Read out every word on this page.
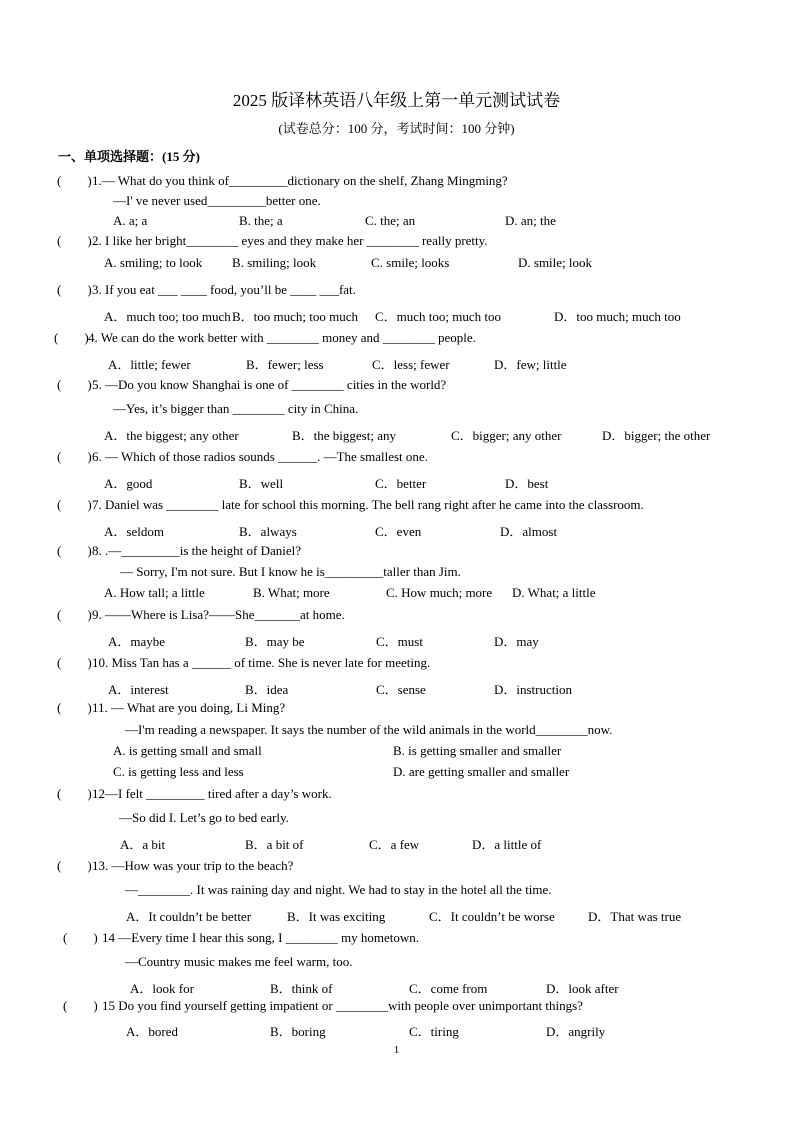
2025 版译林英语八年级上第一单元测试试卷
(试卷总分：100 分，考试时间：100 分钟)
一、单项选择题：(15 分)
(        ) 1.— What do you think of_________dictionary on the shelf, Zhang Mingming?
—I' ve never used_________better one.
A. a; a	B. the; a	C. the; an	D. an; the
(        ) 2. I like her bright________ eyes and they make her ________ really pretty.
A. smiling; to look B. smiling; look	C. smile; looks	D. smile; look
(        ) 3. If you eat ___ ____ food, you’ll be ____ ___fat.
A．much too; too much B．too much; too much C．much too; much too	D．too much; much too
(        ) 4. We can do the work better with ________ money and ________ people.
A．little; fewer	B．fewer; less	C．less; fewer	D．few; little
(        ) 5. —Do you know Shanghai is one of ________ cities in the world?
—Yes, it’s bigger than ________ city in China.
A．the biggest; any other	B．the biggest; any	C．bigger; any other	D．bigger; the other
(        ) 6. — Which of those radios sounds ______. —The smallest one.
A．good	B．well	C．better	D．best
(        ) 7. Daniel was ________ late for school this morning. The bell rang right after he came into the classroom.
A．seldom	B．always	C．even	D．almost
(        ) 8. .—_________is the height of Daniel?
— Sorry, I'm not sure. But I know he is_________taller than Jim.
A. How tall; a little	B. What; more	C. How much; more D. What; a little
(        ) 9. ——Where is Lisa?——She_______at home.
A．maybe	B．may be	C．must	D．may
(        ) 10. Miss Tan has a ______ of time. She is never late for meeting.
A．interest	B．idea	C．sense	D．instruction
(        ) 11. — What are you doing, Li Ming?
—I'm reading a newspaper. It says the number of the wild animals in the world________now.
A. is getting small and small	B. is getting smaller and smaller
C. is getting less and less	D. are getting smaller and smaller
(        ) 12—I felt _________ tired after a day’s work.
—So did I. Let’s go to bed early.
A．a bit	B．a bit of	C．a few	D．a little of
(        ) 13. —How was your trip to the beach?
—________. It was raining day and night. We had to stay in the hotel all the time.
A．It couldn’t be better	B．It was exciting	C．It couldn’t be worse	D．That was true
(        ) 14 —Every time I hear this song, I ________ my hometown.
—Country music makes me feel warm, too.
A．look for	B．think of	C．come from	D．look after
(        ) 15 Do you find yourself getting impatient or ________with people over unimportant things?
A．bored	B．boring	C．tiring	D．angrily
1
